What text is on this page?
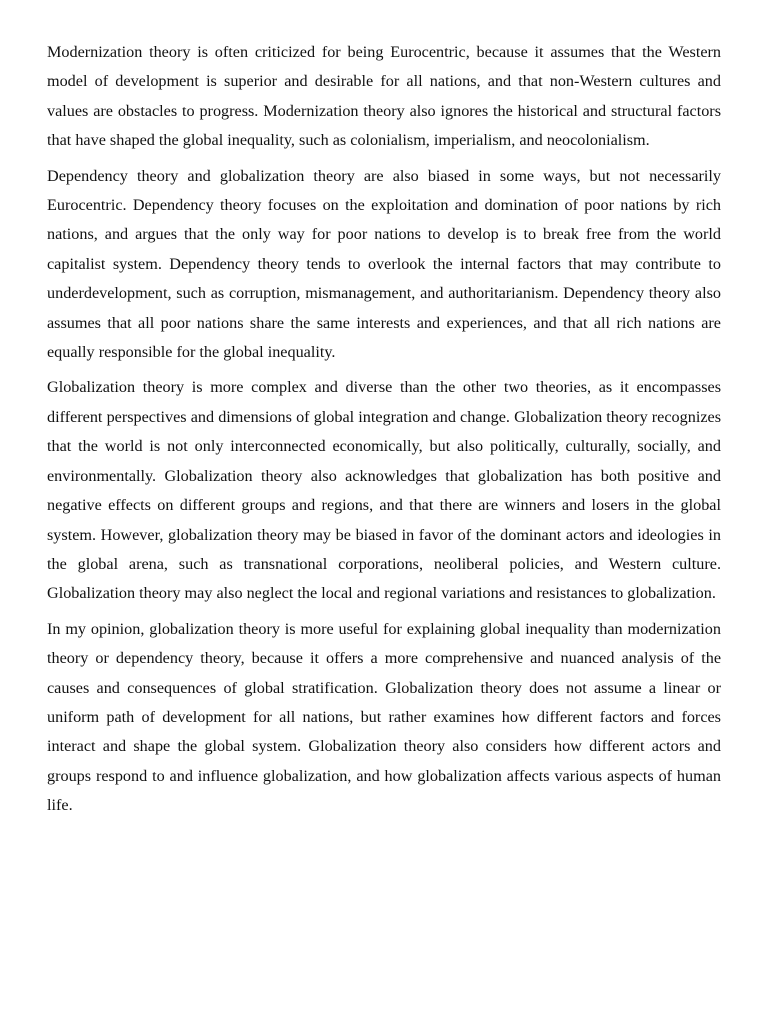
Modernization theory is often criticized for being Eurocentric, because it assumes that the Western model of development is superior and desirable for all nations, and that non-Western cultures and values are obstacles to progress. Modernization theory also ignores the historical and structural factors that have shaped the global inequality, such as colonialism, imperialism, and neocolonialism.

Dependency theory and globalization theory are also biased in some ways, but not necessarily Eurocentric. Dependency theory focuses on the exploitation and domination of poor nations by rich nations, and argues that the only way for poor nations to develop is to break free from the world capitalist system. Dependency theory tends to overlook the internal factors that may contribute to underdevelopment, such as corruption, mismanagement, and authoritarianism. Dependency theory also assumes that all poor nations share the same interests and experiences, and that all rich nations are equally responsible for the global inequality.

Globalization theory is more complex and diverse than the other two theories, as it encompasses different perspectives and dimensions of global integration and change. Globalization theory recognizes that the world is not only interconnected economically, but also politically, culturally, socially, and environmentally. Globalization theory also acknowledges that globalization has both positive and negative effects on different groups and regions, and that there are winners and losers in the global system. However, globalization theory may be biased in favor of the dominant actors and ideologies in the global arena, such as transnational corporations, neoliberal policies, and Western culture. Globalization theory may also neglect the local and regional variations and resistances to globalization.

In my opinion, globalization theory is more useful for explaining global inequality than modernization theory or dependency theory, because it offers a more comprehensive and nuanced analysis of the causes and consequences of global stratification. Globalization theory does not assume a linear or uniform path of development for all nations, but rather examines how different factors and forces interact and shape the global system. Globalization theory also considers how different actors and groups respond to and influence globalization, and how globalization affects various aspects of human life.
